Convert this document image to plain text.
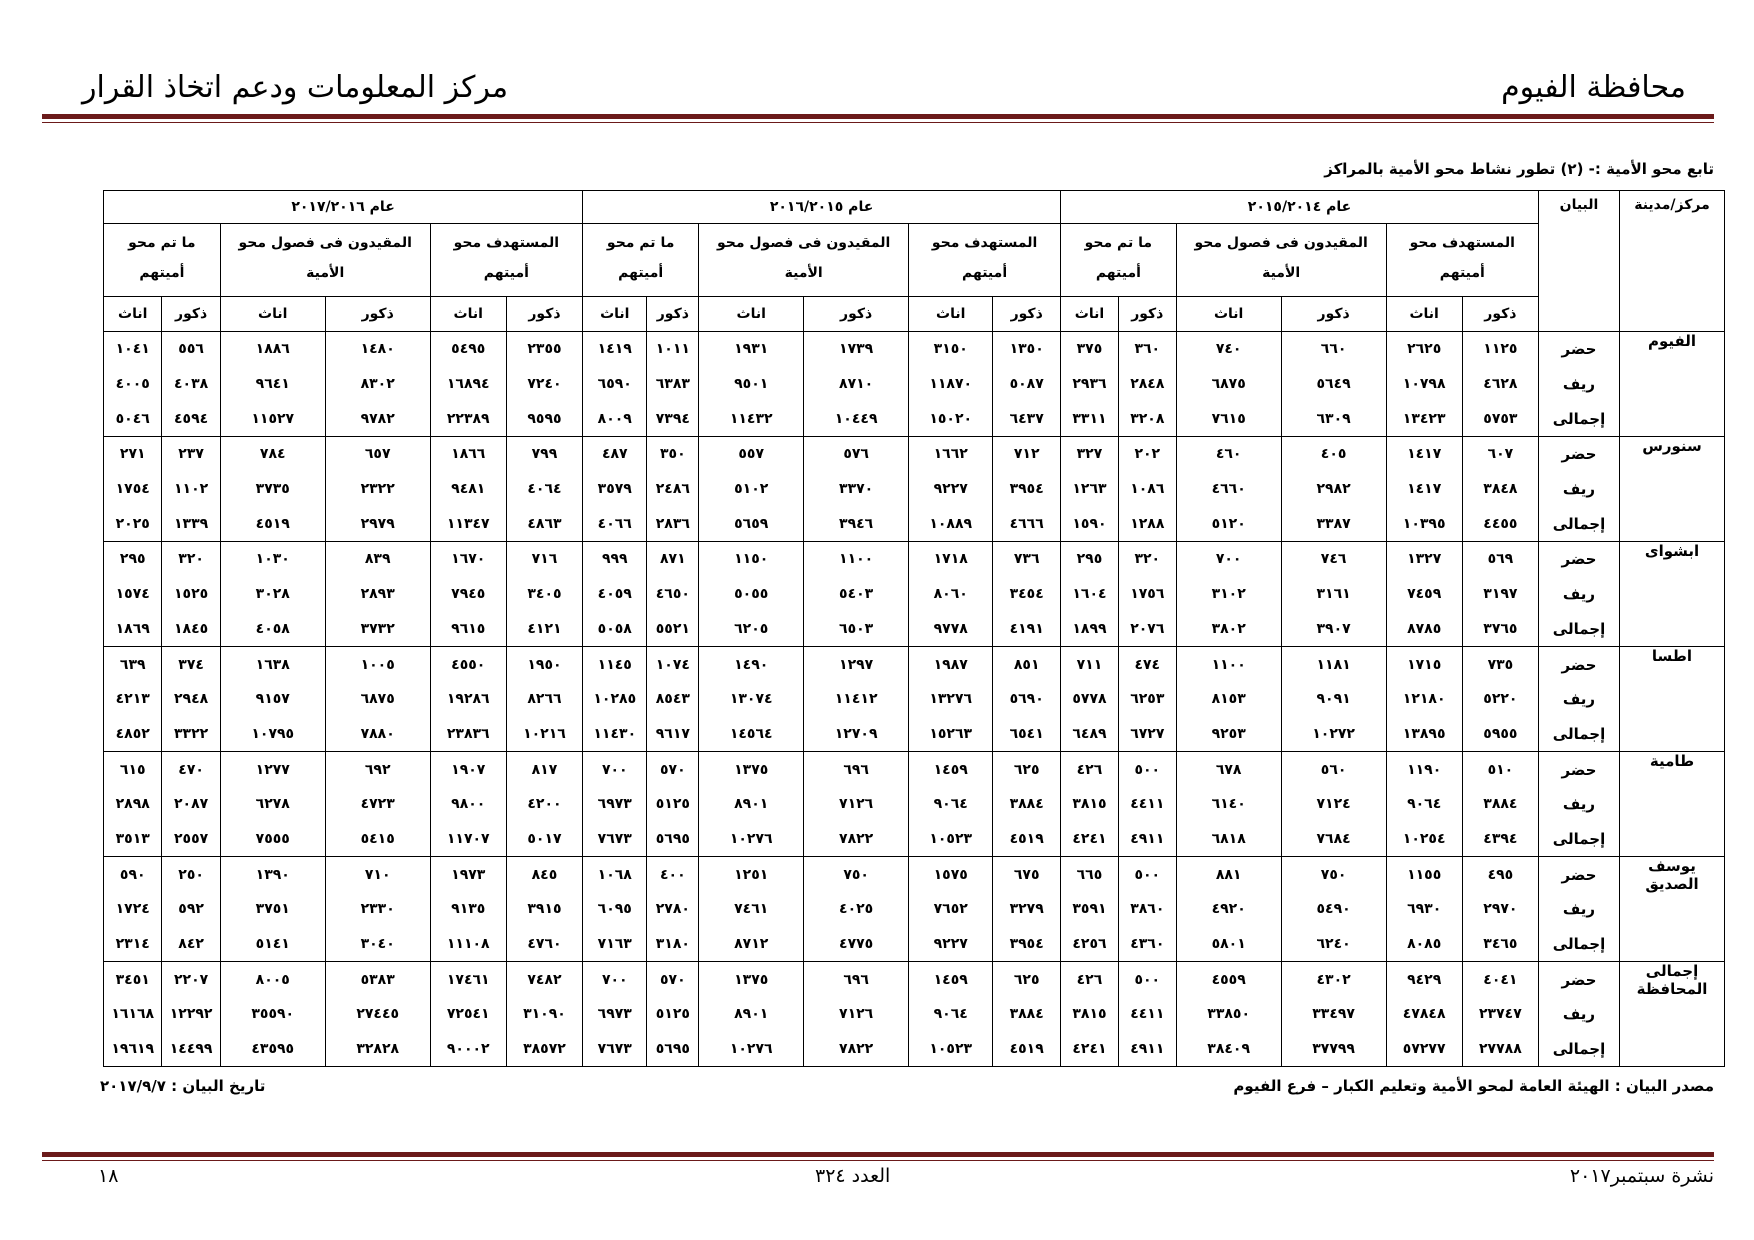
محافظة الفيوم
مركز المعلومات ودعم اتخاذ القرار
تابع محو الأمية :- (٢) تطور نشاط محو الأمية بالمراكز
مركز/مدينة	البيان	عام ٢٠١٥/٢٠١٤						عام ٢٠١٦/٢٠١٥						عام ٢٠١٧/٢٠١٦					
		المستهدف محو أميتهم		المقيدون فى فصول محو الأمية		ما تم محو أميتهم		المستهدف محو أميتهم		المقيدون فى فصول محو الأمية		ما تم محو أميتهم		المستهدف محو أميتهم		المقيدون فى فصول محو الأمية		ما تم محو أميتهم	
		ذكور	اناث	ذكور	اناث	ذكور	اناث	ذكور	اناث	ذكور	اناث	ذكور	اناث	ذكور	اناث	ذكور	اناث	ذكور	اناث
الفيوم	حضر	١١٢٥	٢٦٢٥	٦٦٠	٧٤٠	٣٦٠	٣٧٥	١٣٥٠	٣١٥٠	١٧٣٩	١٩٣١	١٠١١	١٤١٩	٢٣٥٥	٥٤٩٥	١٤٨٠	١٨٨٦	٥٥٦	١٠٤١
	ريف	٤٦٢٨	١٠٧٩٨	٥٦٤٩	٦٨٧٥	٢٨٤٨	٢٩٣٦	٥٠٨٧	١١٨٧٠	٨٧١٠	٩٥٠١	٦٣٨٣	٦٥٩٠	٧٢٤٠	١٦٨٩٤	٨٣٠٢	٩٦٤١	٤٠٣٨	٤٠٠٥
	إجمالى	٥٧٥٣	١٣٤٢٣	٦٣٠٩	٧٦١٥	٣٢٠٨	٣٣١١	٦٤٣٧	١٥٠٢٠	١٠٤٤٩	١١٤٣٢	٧٣٩٤	٨٠٠٩	٩٥٩٥	٢٢٣٨٩	٩٧٨٢	١١٥٢٧	٤٥٩٤	٥٠٤٦
سنورس	حضر	٦٠٧	١٤١٧	٤٠٥	٤٦٠	٢٠٢	٣٢٧	٧١٢	١٦٦٢	٥٧٦	٥٥٧	٣٥٠	٤٨٧	٧٩٩	١٨٦٦	٦٥٧	٧٨٤	٢٣٧	٢٧١
	ريف	٣٨٤٨	١٤١٧	٢٩٨٢	٤٦٦٠	١٠٨٦	١٢٦٣	٣٩٥٤	٩٢٢٧	٣٣٧٠	٥١٠٢	٢٤٨٦	٣٥٧٩	٤٠٦٤	٩٤٨١	٢٣٢٢	٣٧٣٥	١١٠٢	١٧٥٤
	إجمالى	٤٤٥٥	١٠٣٩٥	٣٣٨٧	٥١٢٠	١٢٨٨	١٥٩٠	٤٦٦٦	١٠٨٨٩	٣٩٤٦	٥٦٥٩	٢٨٣٦	٤٠٦٦	٤٨٦٣	١١٣٤٧	٢٩٧٩	٤٥١٩	١٣٣٩	٢٠٢٥
ابشواى	حضر	٥٦٩	١٣٢٧	٧٤٦	٧٠٠	٣٢٠	٢٩٥	٧٣٦	١٧١٨	١١٠٠	١١٥٠	٨٧١	٩٩٩	٧١٦	١٦٧٠	٨٣٩	١٠٣٠	٣٢٠	٢٩٥
	ريف	٣١٩٧	٧٤٥٩	٣١٦١	٣١٠٢	١٧٥٦	١٦٠٤	٣٤٥٤	٨٠٦٠	٥٤٠٣	٥٠٥٥	٤٦٥٠	٤٠٥٩	٣٤٠٥	٧٩٤٥	٢٨٩٣	٣٠٢٨	١٥٢٥	١٥٧٤
	إجمالى	٣٧٦٥	٨٧٨٥	٣٩٠٧	٣٨٠٢	٢٠٧٦	١٨٩٩	٤١٩١	٩٧٧٨	٦٥٠٣	٦٢٠٥	٥٥٢١	٥٠٥٨	٤١٢١	٩٦١٥	٣٧٣٢	٤٠٥٨	١٨٤٥	١٨٦٩
اطسا	حضر	٧٣٥	١٧١٥	١١٨١	١١٠٠	٤٧٤	٧١١	٨٥١	١٩٨٧	١٢٩٧	١٤٩٠	١٠٧٤	١١٤٥	١٩٥٠	٤٥٥٠	١٠٠٥	١٦٣٨	٣٧٤	٦٣٩
	ريف	٥٢٢٠	١٢١٨٠	٩٠٩١	٨١٥٣	٦٢٥٣	٥٧٧٨	٥٦٩٠	١٣٢٧٦	١١٤١٢	١٣٠٧٤	٨٥٤٣	١٠٢٨٥	٨٢٦٦	١٩٢٨٦	٦٨٧٥	٩١٥٧	٢٩٤٨	٤٢١٣
	إجمالى	٥٩٥٥	١٣٨٩٥	١٠٢٧٢	٩٢٥٣	٦٧٢٧	٦٤٨٩	٦٥٤١	١٥٢٦٣	١٢٧٠٩	١٤٥٦٤	٩٦١٧	١١٤٣٠	١٠٢١٦	٢٣٨٣٦	٧٨٨٠	١٠٧٩٥	٣٣٢٢	٤٨٥٢
طامية	حضر	٥١٠	١١٩٠	٥٦٠	٦٧٨	٥٠٠	٤٢٦	٦٢٥	١٤٥٩	٦٩٦	١٣٧٥	٥٧٠	٧٠٠	٨١٧	١٩٠٧	٦٩٢	١٢٧٧	٤٧٠	٦١٥
	ريف	٣٨٨٤	٩٠٦٤	٧١٢٤	٦١٤٠	٤٤١١	٣٨١٥	٣٨٨٤	٩٠٦٤	٧١٢٦	٨٩٠١	٥١٢٥	٦٩٧٣	٤٢٠٠	٩٨٠٠	٤٧٢٣	٦٢٧٨	٢٠٨٧	٢٨٩٨
	إجمالى	٤٣٩٤	١٠٢٥٤	٧٦٨٤	٦٨١٨	٤٩١١	٤٢٤١	٤٥١٩	١٠٥٢٣	٧٨٢٢	١٠٢٧٦	٥٦٩٥	٧٦٧٣	٥٠١٧	١١٧٠٧	٥٤١٥	٧٥٥٥	٢٥٥٧	٣٥١٣
يوسف الصديق	حضر	٤٩٥	١١٥٥	٧٥٠	٨٨١	٥٠٠	٦٦٥	٦٧٥	١٥٧٥	٧٥٠	١٢٥١	٤٠٠	١٠٦٨	٨٤٥	١٩٧٣	٧١٠	١٣٩٠	٢٥٠	٥٩٠
	ريف	٢٩٧٠	٦٩٣٠	٥٤٩٠	٤٩٢٠	٣٨٦٠	٣٥٩١	٣٢٧٩	٧٦٥٢	٤٠٢٥	٧٤٦١	٢٧٨٠	٦٠٩٥	٣٩١٥	٩١٣٥	٢٣٣٠	٣٧٥١	٥٩٢	١٧٢٤
	إجمالى	٣٤٦٥	٨٠٨٥	٦٢٤٠	٥٨٠١	٤٣٦٠	٤٢٥٦	٣٩٥٤	٩٢٢٧	٤٧٧٥	٨٧١٢	٣١٨٠	٧١٦٣	٤٧٦٠	١١١٠٨	٣٠٤٠	٥١٤١	٨٤٢	٢٣١٤
إجمالى المحافظة	حضر	٤٠٤١	٩٤٢٩	٤٣٠٢	٤٥٥٩	٥٠٠	٤٢٦	٦٢٥	١٤٥٩	٦٩٦	١٣٧٥	٥٧٠	٧٠٠	٧٤٨٢	١٧٤٦١	٥٣٨٣	٨٠٠٥	٢٢٠٧	٣٤٥١
	ريف	٢٣٧٤٧	٤٧٨٤٨	٣٣٤٩٧	٣٣٨٥٠	٤٤١١	٣٨١٥	٣٨٨٤	٩٠٦٤	٧١٢٦	٨٩٠١	٥١٢٥	٦٩٧٣	٣١٠٩٠	٧٢٥٤١	٢٧٤٤٥	٣٥٥٩٠	١٢٢٩٢	١٦١٦٨
	إجمالى	٢٧٧٨٨	٥٧٢٧٧	٣٧٧٩٩	٣٨٤٠٩	٤٩١١	٤٢٤١	٤٥١٩	١٠٥٢٣	٧٨٢٢	١٠٢٧٦	٥٦٩٥	٧٦٧٣	٣٨٥٧٢	٩٠٠٠٢	٣٢٨٢٨	٤٣٥٩٥	١٤٤٩٩	١٩٦١٩
مصدر البيان : الهيئة العامة لمحو الأمية وتعليم الكبار – فرع الفيوم
تاريخ البيان : ٢٠١٧/٩/٧
نشرة سبتمبر٢٠١٧
العدد ٣٢٤
١٨
